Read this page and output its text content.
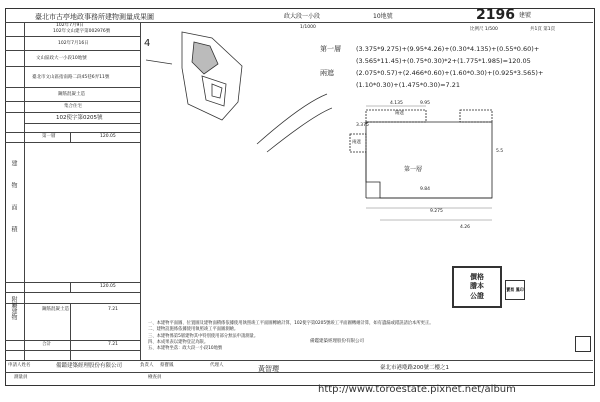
臺北市古亭地政事務所建物測量成果圖	政大段一小段	10地號	2196 建號
比例尺 1/500	共1頁 第1頁
102年7月9日
102年文山建字第002976號
102年7月16日
文山區政大一小段10地號
臺北市文山區指南路二段45巷6弄11號
鋼筋混凝土造
集合住宅
102使字第0205號
第一層	120.05
建物面積
120.05
鋼筋混凝土造	7.21
附屬建物
合計	7.21
4
1/1000
第一層 (3.375*9.275)+(9.95*4.26)+(0.30*4.135)+(0.55*0.60)+
(3.565*11.45)+(0.75*0.30)*2+(1.775*1.985)=120.05
兩遮	(2.075*0.57)+(2.466*0.60)+(1.60*0.30)+(0.925*3.565)+
(1.10*0.30)+(1.475*0.30)=7.21
陽遮
兩遮
第一層
4.135	9.95
3.375
9.275
9.84
4.26
5.5
價格
謄本
公證
寶蔡 鳳印
一、本建物平面圖、位置圖及建物面積係依據使用執照竣工平面圖轉繪計算，102使字第0205號竣工平面圖轉繪計算，如有遺漏或錯誤請洽本所更正。
二、建物設施係依據使用執照竣工平面圖測繪。
三、本建物係第5層建物其中特別使用部分無法申請測量。
四、本成果表以建物登記為限。
五、本建物坐落：政大段一小段10地號
申請人姓名	備鑑建築經理股份有限公司	負責人 蔡寶鳳	代理人	黃智瓔
備鑑建築經理股份有限公司
臺北市港墘路200號二樓之1
測量員	檢查員
http://www.toroestate.pixnet.net/album
